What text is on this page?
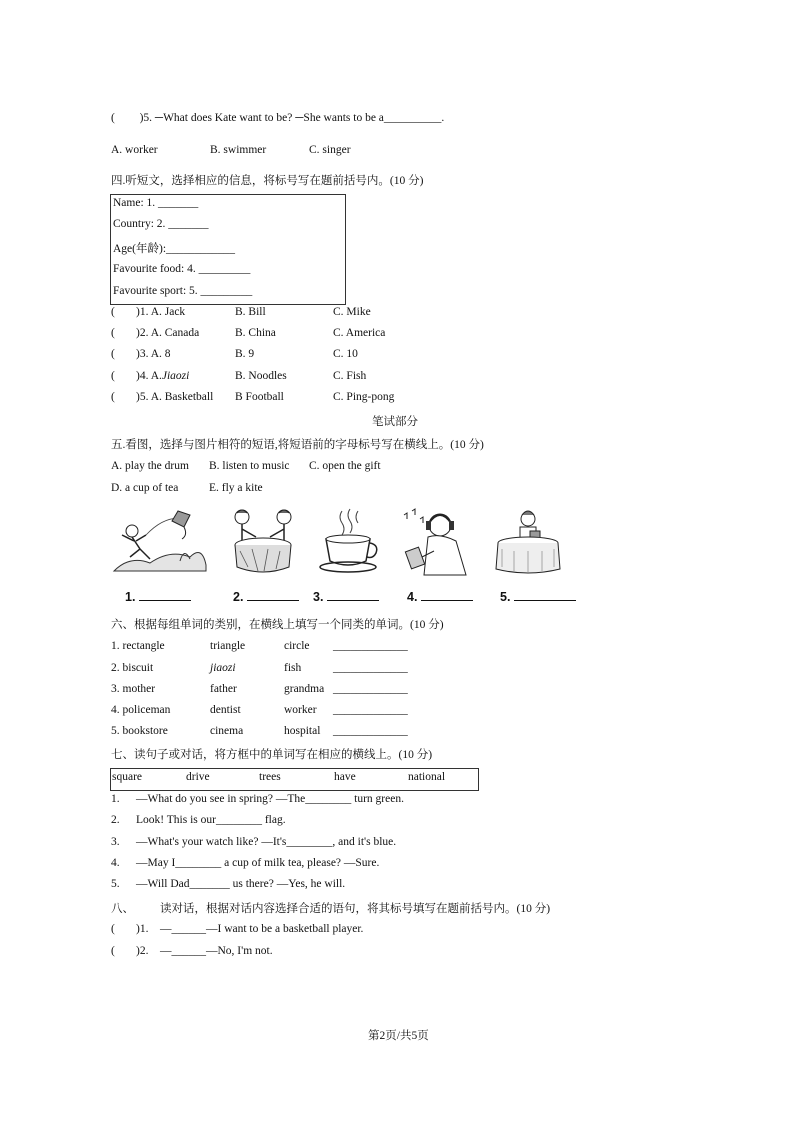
( )5. ─What does Kate want to be? ─She wants to be a__________.
A. worker	B. swimmer	C. singer
四.听短文，选择相应的信息，将标号写在题前括号内。(10 分)
Name: 1. _______
Country: 2. _______
Age(年龄):____________
Favourite food: 4. _________
Favourite sport: 5. _________
( )1. A. Jack	B. Bill	C. Mike
( )2. A. Canada	B. China	C. America
( )3. A. 8	B. 9	C. 10
( )4. A.Jiaozi	B. Noodles	C. Fish
( )5. A. Basketball B Football	C. Ping-pong
笔试部分
五.看图，选择与图片相符的短语,将短语前的字母标号写在横线上。(10 分)
A. play the drum B. listen to music C. open the gift
D. a cup of tea	E. fly a kite
1.	2.	3.	4.	5.
六、根据每组单词的类别，在横线上填写一个同类的单词。(10 分)
1. rectangle	triangle	circle _____________
2. biscuit	jiaozi	fish	_____________
3. mother	father	grandma _____________
4. policeman	dentist	worker _____________
5. bookstore	cinema	hospital _____________
七、读句子或对话，将方框中的单词写在相应的横线上。(10 分)
square	drive	trees	have	national
1. —What do you see in spring? —The________ turn green.
2. Look! This is our________ flag.
3. —What's your watch like? —It's________, and it's blue.
4. —May I________ a cup of milk tea, please? —Sure.
5. —Will Dad_______ us there? —Yes, he will.
八、 读对话，根据对话内容选择合适的语句，将其标号填写在题前括号内。(10 分)
( )1. —______—I want to be a basketball player.
( )2. —______—No, I'm not.
第2页/共5页
